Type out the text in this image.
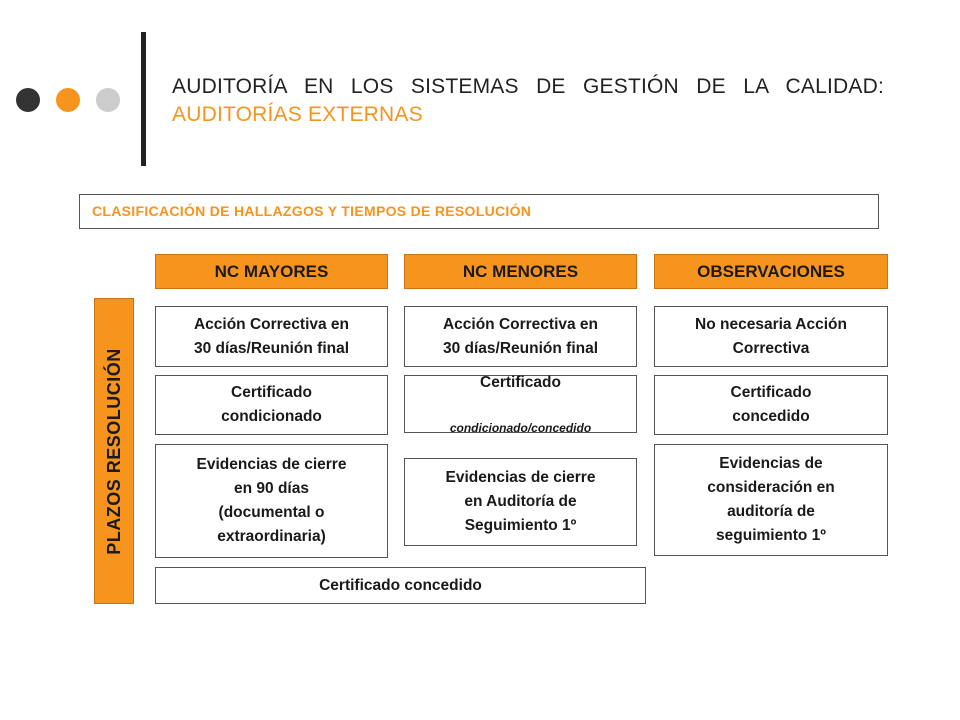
AUDITORÍA EN LOS SISTEMAS DE GESTIÓN DE LA CALIDAD: AUDITORÍAS EXTERNAS
CLASIFICACIÓN DE HALLAZGOS Y TIEMPOS DE RESOLUCIÓN
NC MAYORES	NC MENORES	OBSERVACIONES
PLAZOS RESOLUCIÓN
Acción Correctiva en
30 días/Reunión final
Acción Correctiva en
30 días/Reunión final
No necesaria Acción
Correctiva
Certificado
condicionado

Certificado

condicionado/concedido

Certificado
concedido
Evidencias de cierre
en 90 días
(documental o
extraordinaria)
Evidencias de cierre
en Auditoría de
Seguimiento 1º
Evidencias de
consideración en
auditoría de
seguimiento 1º
Certificado concedido
